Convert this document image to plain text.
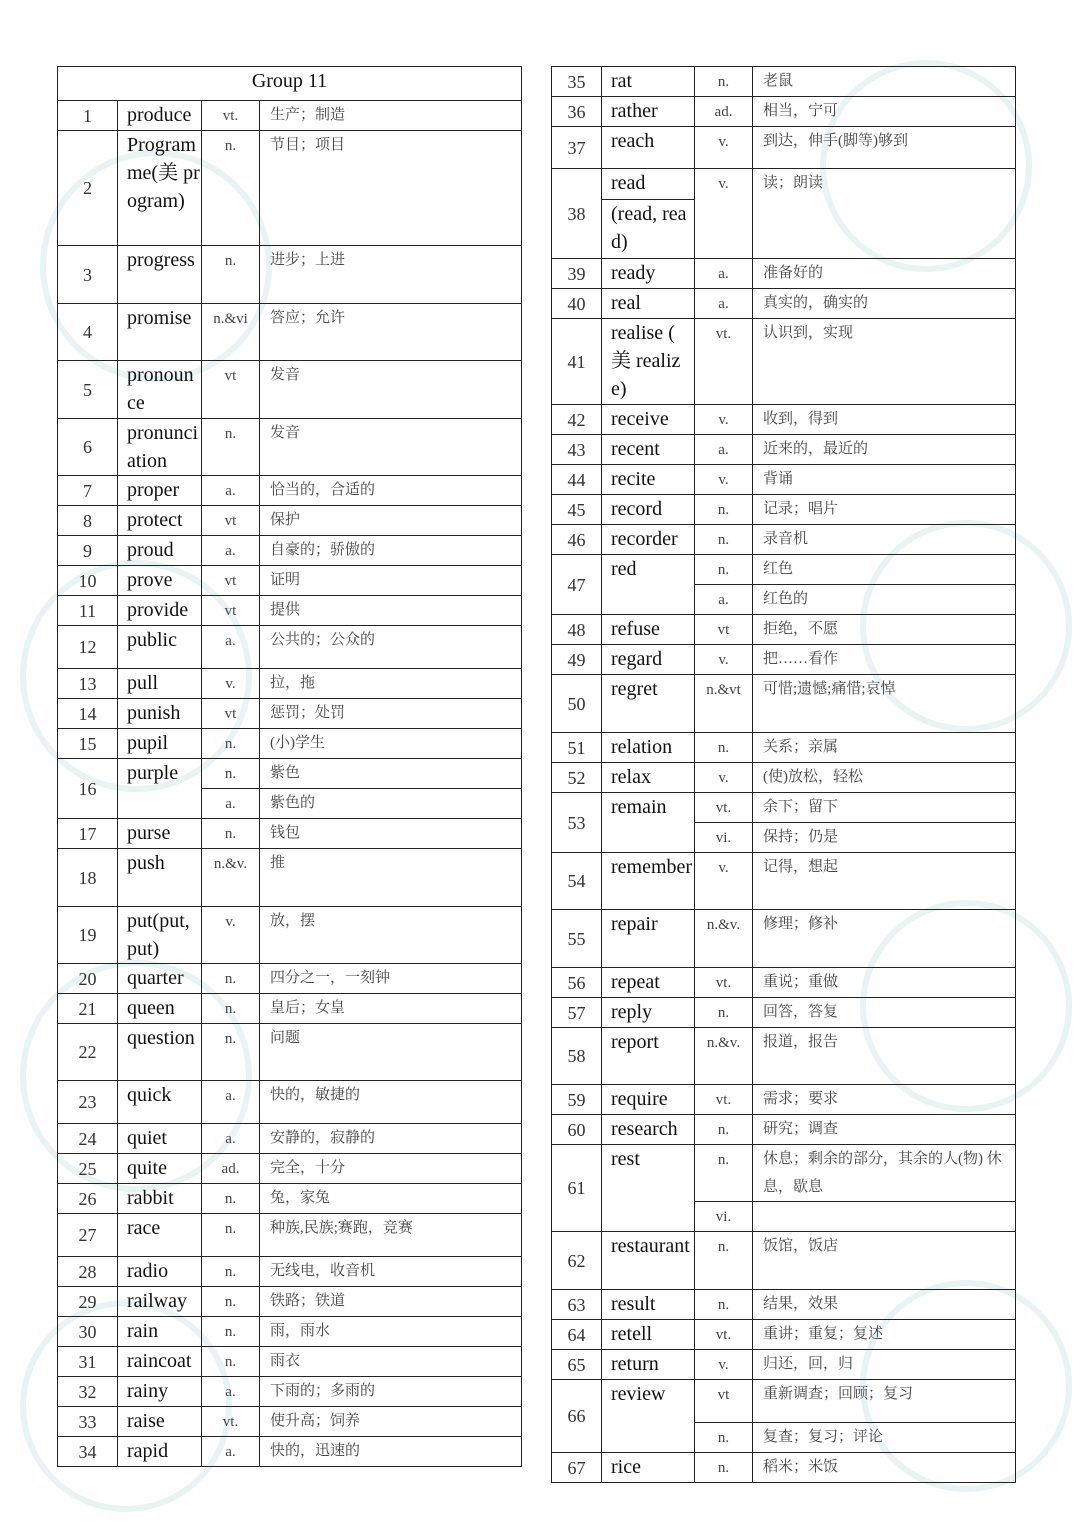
Group 11			
1	produce	vt.	生产；制造
2	Programme(美 program)	n.	节目；项目
3	progress	n.	进步；上进
4	promise	n.&vi	答应；允许
5	pronounce	vt	发音
6	pronunciation	n.	发音
7	proper	a.	恰当的，合适的
8	protect	vt	保护
9	proud	a.	自豪的；骄傲的
10	prove	vt	证明
11	provide	vt	提供
12	public	a.	公共的；公众的
13	pull	v.	拉，拖
14	punish	vt	惩罚；处罚
15	pupil	n.	(小)学生
16	purple	n.	紫色
		a.	紫色的
17	purse	n.	钱包
18	push	n.&v.	推
19	put(put, put)	v.	放，摆
20	quarter	n.	四分之一，一刻钟
21	queen	n.	皇后；女皇
22	question	n.	问题
23	quick	a.	快的，敏捷的
24	quiet	a.	安静的，寂静的
25	quite	ad.	完全，十分
26	rabbit	n.	兔，家兔
27	race	n.	种族,民族;赛跑，竞赛
28	radio	n.	无线电，收音机
29	railway	n.	铁路；铁道
30	rain	n.	雨，雨水
31	raincoat	n.	雨衣
32	rainy	a.	下雨的；多雨的
33	raise	vt.	使升高；饲养
34	rapid	a.	快的，迅速的
35	rat	n.	老鼠
36	rather	ad.	相当，宁可
37	reach	v.	到达，伸手(脚等)够到
38	read	v.	读；朗读
	(read, read)		
39	ready	a.	准备好的
40	real	a.	真实的，确实的
41	realise ( 美 realize)	vt.	认识到，实现
42	receive	v.	收到，得到
43	recent	a.	近来的，最近的
44	recite	v.	背诵
45	record	n.	记录；唱片
46	recorder	n.	录音机
47	red	n.	红色
		a.	红色的
48	refuse	vt	拒绝，不愿
49	regard	v.	把……看作
50	regret	n.&vt	可惜;遗憾;痛惜;哀悼
51	relation	n.	关系；亲属
52	relax	v.	(使)放松，轻松
53	remain	vt.	余下；留下
		vi.	保持；仍是
54	remember	v.	记得，想起
55	repair	n.&v.	修理；修补
56	repeat	vt.	重说；重做
57	reply	n.	回答，答复
58	report	n.&v.	报道，报告
59	require	vt.	需求；要求
60	research	n.	研究；调查
61	rest	n.	休息；剩余的部分，其余的人(物) 休息，歇息
		vi.	
62	restaurant	n.	饭馆，饭店
63	result	n.	结果，效果
64	retell	vt.	重讲；重复；复述
65	return	v.	归还，回，归
66	review	vt	重新调查；回顾；复习
		n.	复查；复习；评论
67	rice	n.	稻米；米饭
